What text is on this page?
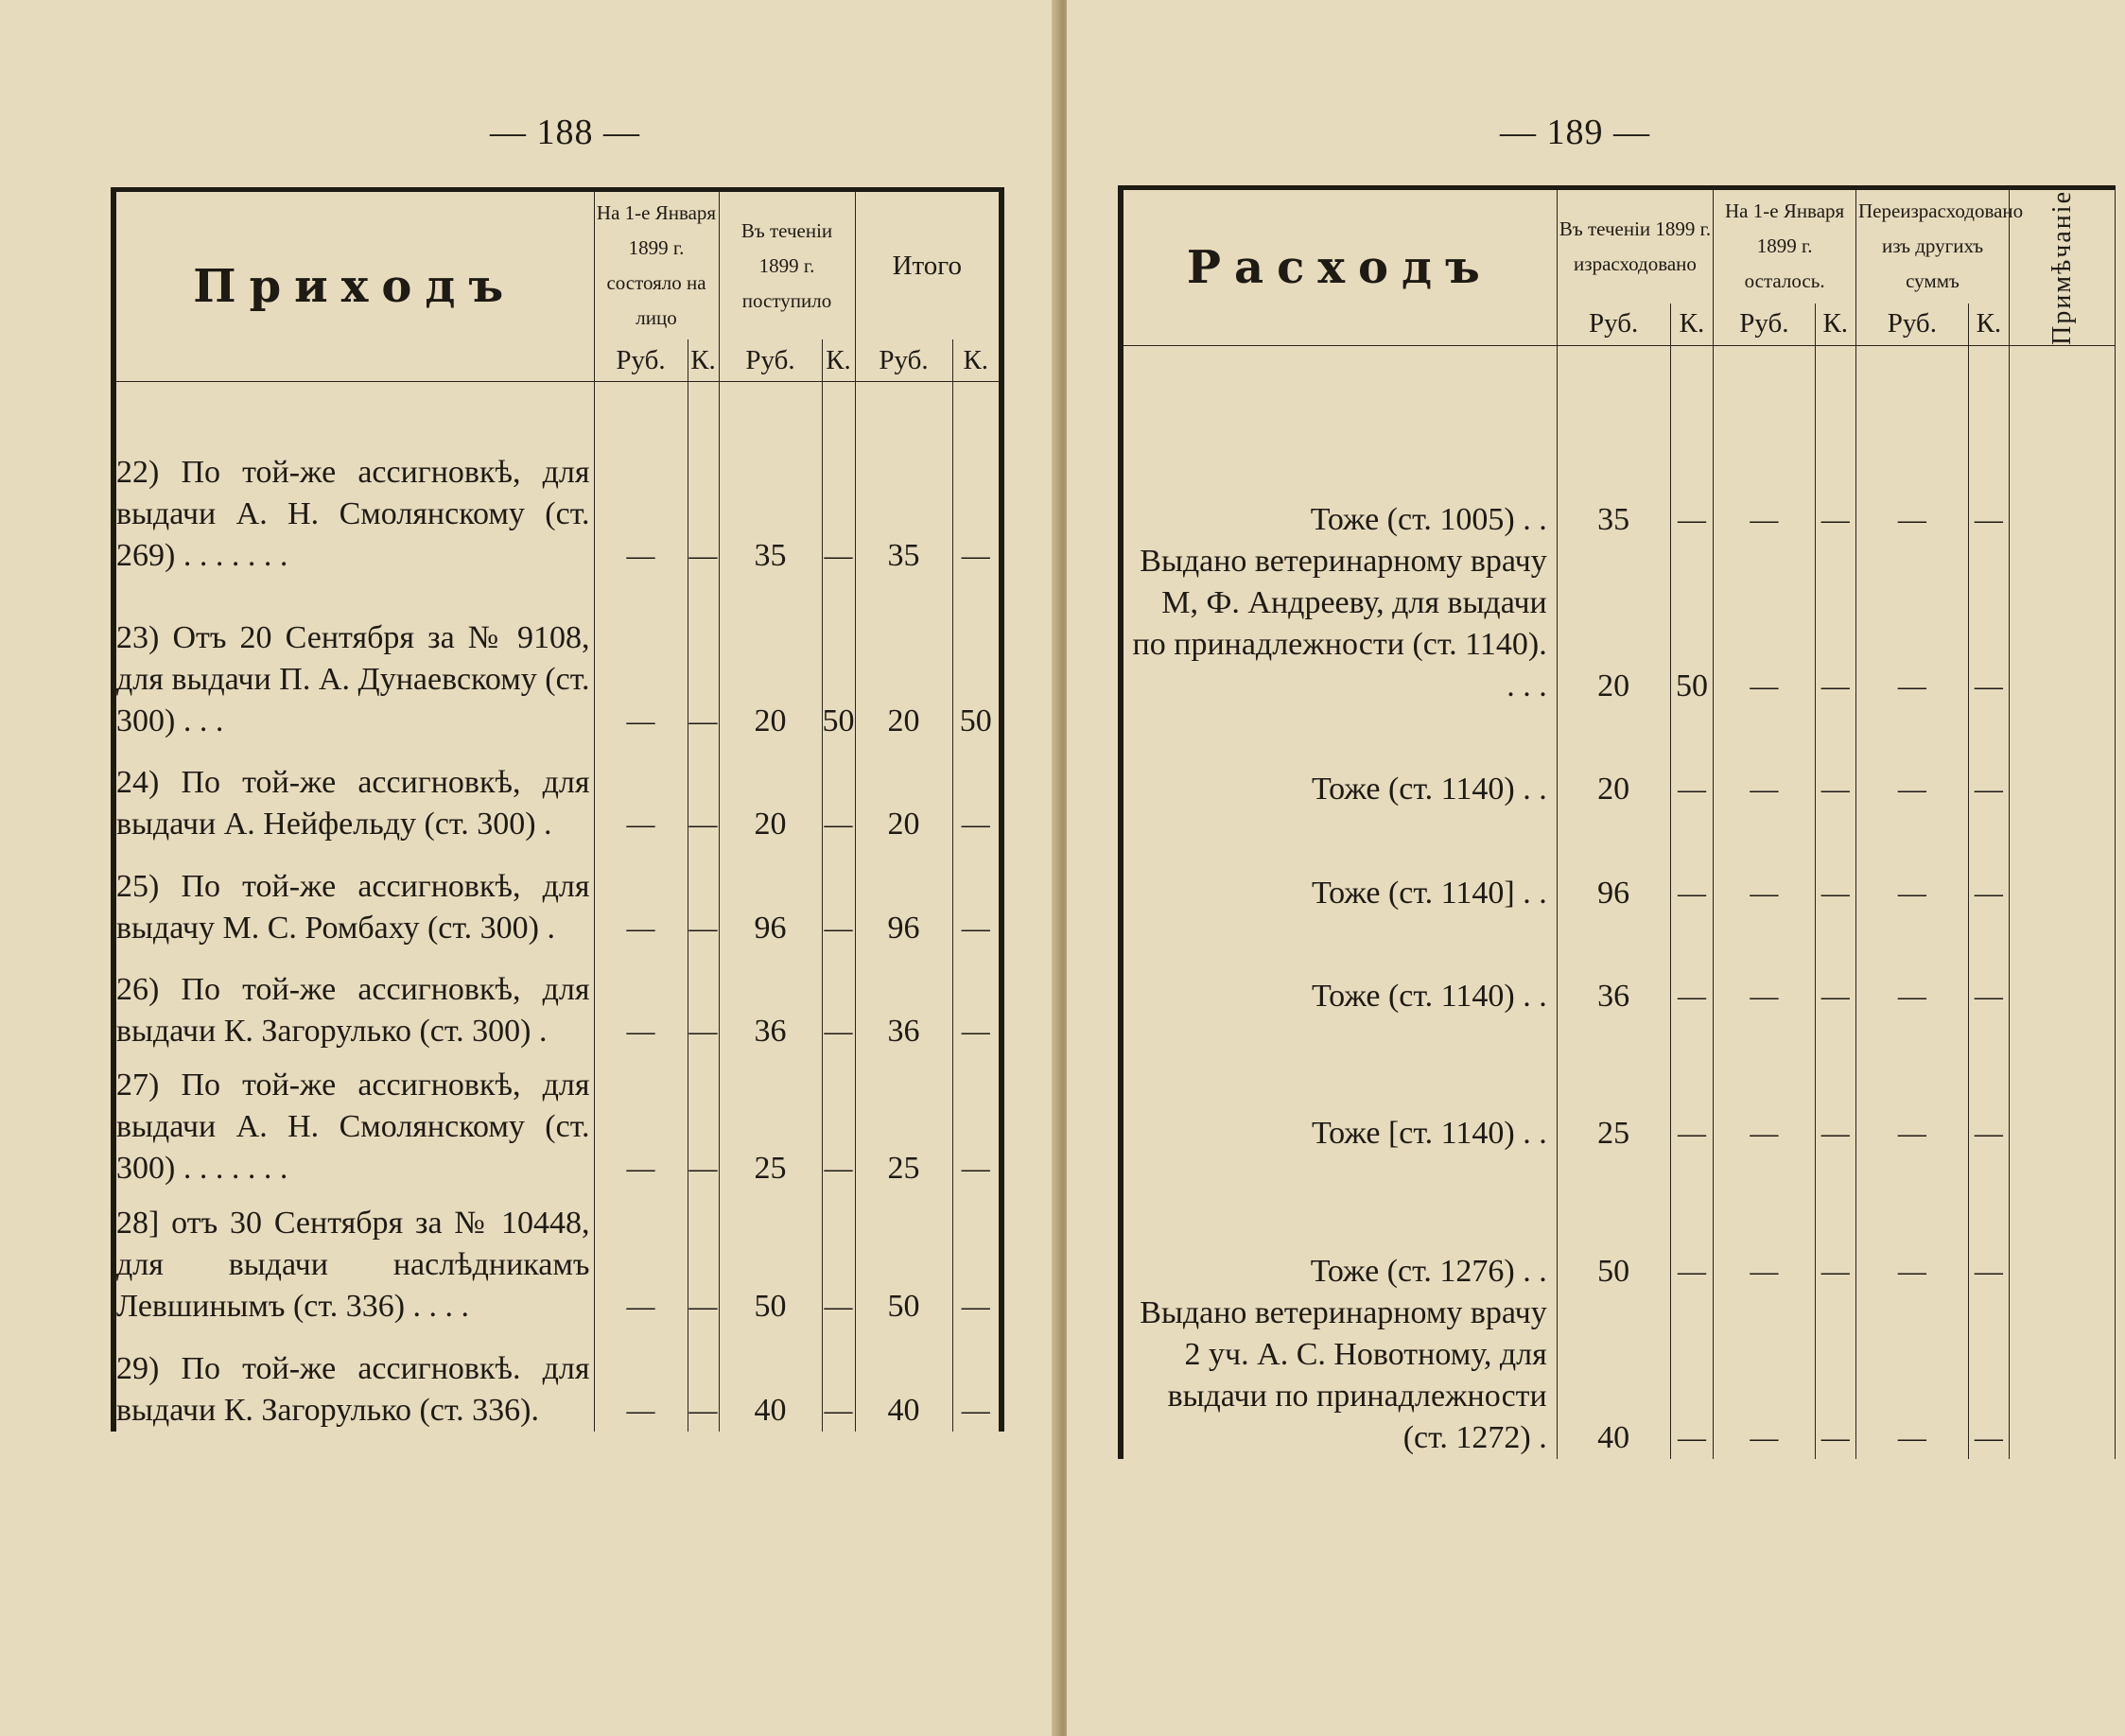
— 188 —
Приходъ	На 1-е Января 1899 г. состояло на лицо		Въ теченіи 1899 г. поступило		Итого	
	Руб.	К.	Руб.	К.	Руб.	К.

22) По той-же ассигновкѣ, для выдачи А. Н. Смолянскому (ст. 269) . . . . . . .	—	—	35	—	35	—
23) Отъ 20 Сентября за № 9108, для выдачи П. А. Дунаевскому (ст. 300) . . .	—	—	20	50	20	50
24) По той-же ассигновкѣ, для выдачи А. Нейфельду (ст. 300) .	—	—	20	—	20	—
25) По той-же ассигновкѣ, для выдачу М. С. Ромбаху (ст. 300) .	—	—	96	—	96	—
26) По той-же ассигновкѣ, для выдачи К. Загорулько (ст. 300) .	—	—	36	—	36	—
27) По той-же ассигновкѣ, для выдачи А. Н. Смолянскому (ст. 300) . . . . . . .	—	—	25	—	25	—
28] отъ 30 Сентября за № 10448, для выдачи наслѣдникамъ Левшинымъ (ст. 336) . . . .	—	—	50	—	50	—
29) По той-же ассигновкѣ. для выдачи К. Загорулько (ст. 336).	—	—	40	—	40	—
— 189 —
Расходъ	Въ теченіи 1899 г. израсходовано		На 1-е Января 1899 г. осталось.		Переизрасходовано изъ другихъ суммъ		Примѣчаніе

	Руб.	К.	Руб.	К.	Руб.	К.	

Тоже (ст. 1005) . .	35	—	—	—	—	—	
Выдано ветеринарному врачу М, Ф. Андрееву, для выдачи по принадлежности (ст. 1140). . . .	20	50	—	—	—	—	
Тоже (ст. 1140) . .	20	—	—	—	—	—	
Тоже (ст. 1140] . .	96	—	—	—	—	—	
Тоже (ст. 1140) . .	36	—	—	—	—	—	
Тоже [ст. 1140) . .	25	—	—	—	—	—	
Тоже (ст. 1276) . .	50	—	—	—	—	—	
Выдано ветеринарному врачу 2 уч. А. С. Новотному, для выдачи по принадлежности (ст. 1272) .	40	—	—	—	—	—	
